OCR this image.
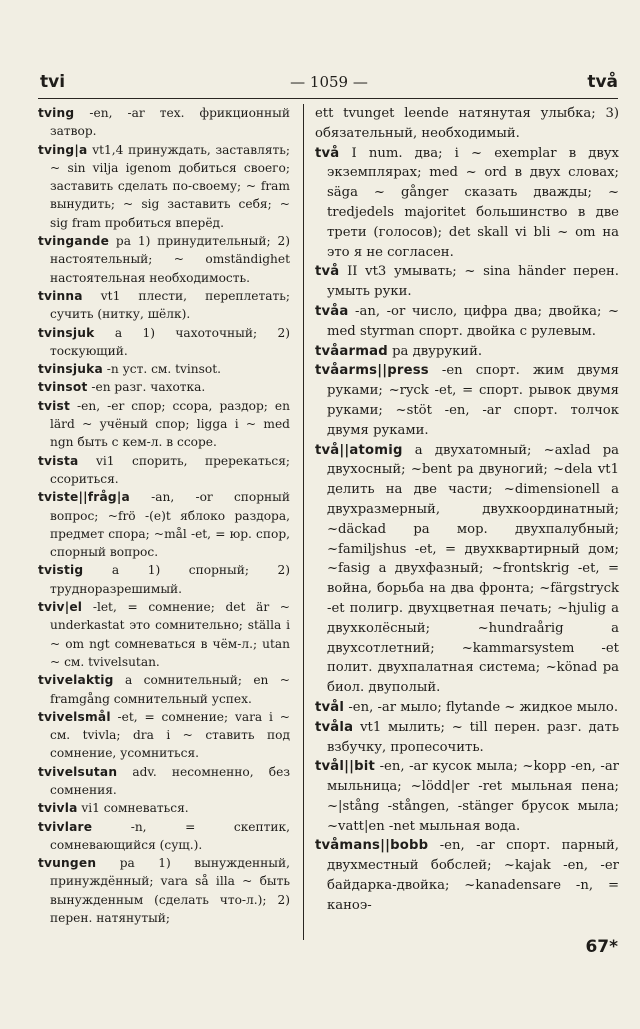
tvi	— 1059 —	två

tving -en, -ar тех. фрикционный затвор.

tving|a vt1,4 принуждать, заставлять; ~ sin vilja igenom добиться своего; заставить сделать по-своему; ~ fram вынудить; ~ sig заставить себя; ~ sig fram пробиться вперёд.

tvingande pa 1) принудительный; 2) настоятельный; ~ omständighet настоятельная необходимость.

tvinna vt1 плести, переплетать; сучить (нитку, шёлк).

tvinsjuk a 1) чахоточный; 2) тоскующий.

tvinsjuka -n уст. см. tvinsot.

tvinsot -en разг. чахотка.

tvist -en, -er спор; ссора, раздор; en lärd ~ учёный спор; ligga i ~ med ngn быть с кем-л. в ссоре.

tvista vi1 спорить, пререкаться; ссориться.

tviste||fråg|a -an, -or спорный вопрос; ~frö -(e)t яблоко раздора, предмет спора; ~mål -et, = юр. спор, спорный вопрос.

tvistig a 1) спорный; 2) трудноразрешимый.

tviv|el -let, = сомнение; det är ~ underkastat это сомнительно; ställa i ~ om ngt сомневаться в чём-л.; utan ~ см. tvivelsutan.

tvivelaktig a сомнительный; en ~ framgång сомнительный успех.

tvivelsmål -et, = сомнение; vara i ~ см. tvivla; dra i ~ ставить под сомнение, усомниться.

tvivelsutan adv. несомненно, без сомнения.

tvivla vi1 сомневаться.

tvivlare -n, = скептик, сомневающийся (сущ.).

tvungen pa 1) вынужденный, принуждённый; vara så illa ~ быть вынужденным (сделать что-л.); 2) перен. натянутый;

ett tvunget leende натянутая улыбка; 3) обязательный, необходимый.

två I num. два; i ~ exemplar в двух экземплярах; med ~ ord в двух словах; säga ~ gånger сказать дважды; ~ tredjedels majoritet большинство в две трети (голосов); det skall vi bli ~ om на это я не согласен.

två II vt3 умывать; ~ sina händer перен. умыть руки.

tvåa -an, -or число, цифра два; двойка; ~ med styrman спорт. двойка с рулевым.

tvåarmad pa двурукий.

tvåarms||press -en спорт. жим двумя руками; ~ryck -et, = спорт. рывок двумя руками; ~stöt -en, -ar спорт. толчок двумя руками.

två||atomig a двухатомный; ~axlad pa двухосный; ~bent pa двуногий; ~dela vt1 делить на две части; ~dimensionell a двухразмерный, двухкоординатный; ~däckad pa мор. двухпалубный; ~familjshus -et, = двухквартирный дом; ~fasig a двухфазный; ~frontskrig -et, = война, борьба на два фронта; ~färgstryck -et полигр. двухцветная печать; ~hjulig a двухколёсный; ~hundraårig a двухсотлетний; ~kammarsystem -et полит. двухпалатная система; ~könad pa биол. двуполый.

tvål -en, -ar мыло; flytande ~ жидкое мыло.

tvåla vt1 мылить; ~ till перен. разг. дать взбучку, пропесочить.

tvål||bit -en, -ar кусок мыла; ~kopp -en, -ar мыльница; ~lödd|er -ret мыльная пена; ~|stång -stången, -stänger брусок мыла; ~vatt|en -net мыльная вода.

tvåmans||bobb -en, -ar спорт. парный, двухместный бобслей; ~kajak -en, -er байдарка-двойка; ~kanadensare -n, = каноэ-

67*
